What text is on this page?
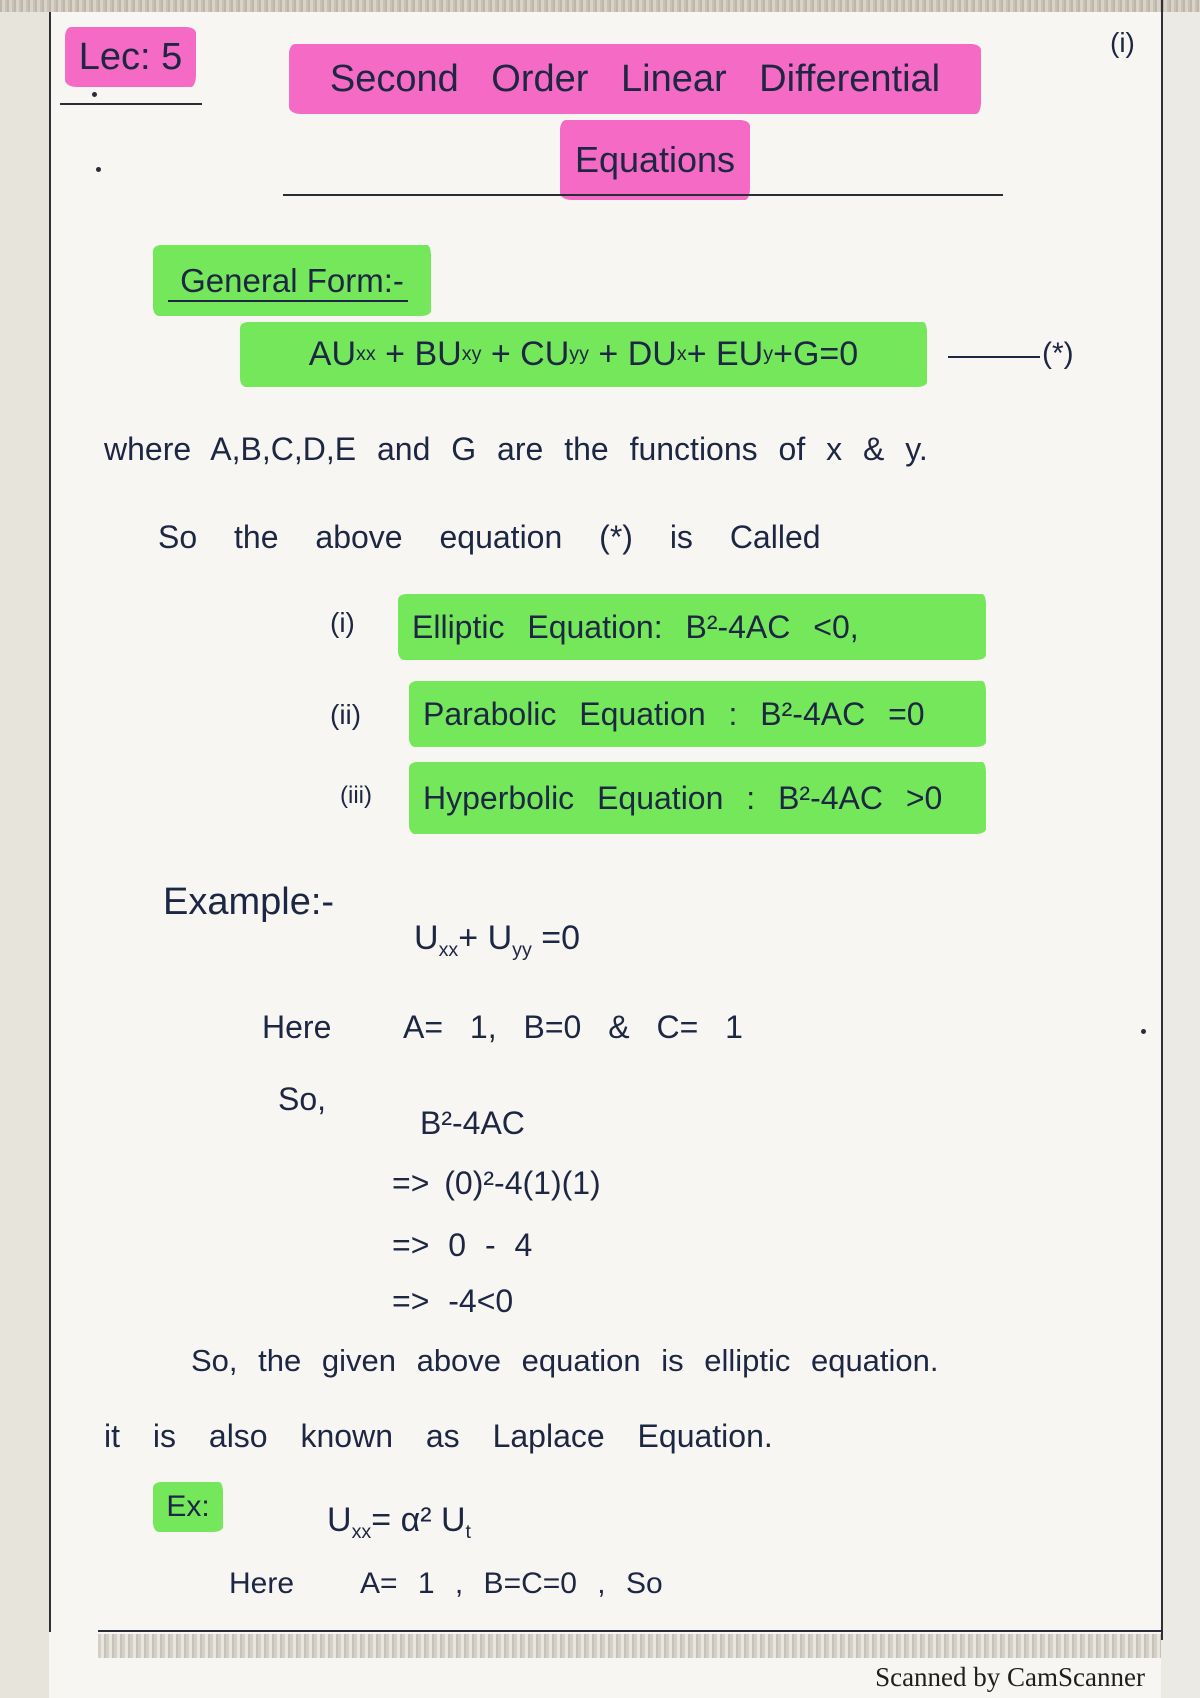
Lec: 5	(i)
Second Order Linear Differential
Equations
General Form:-
AU xx + BU xy + CU yy + DU x + EU y +G=0	(*)
where A,B,C,D,E and G are the functions of x & y.
So the above equation (*) is Called
(i)	Elliptic Equation: B²-4AC <0,
(ii)	Parabolic Equation : B²-4AC =0
(iii)	Hyperbolic Equation : B²-4AC >0
Example:-
$U_{xx}+ U_{yy} =0$
Here A= 1, B=0 & C= 1
So,
B²-4AC
=> (0)²-4(1)(1)
=> 0 - 4
=> -4<0
So, the given above equation is elliptic equation.
it is also known as Laplace Equation.
Ex:	$U_{xx}= \alpha^2$ $U_t$
Here A= 1 , B=C=0 , So
Scanned by CamScanner
